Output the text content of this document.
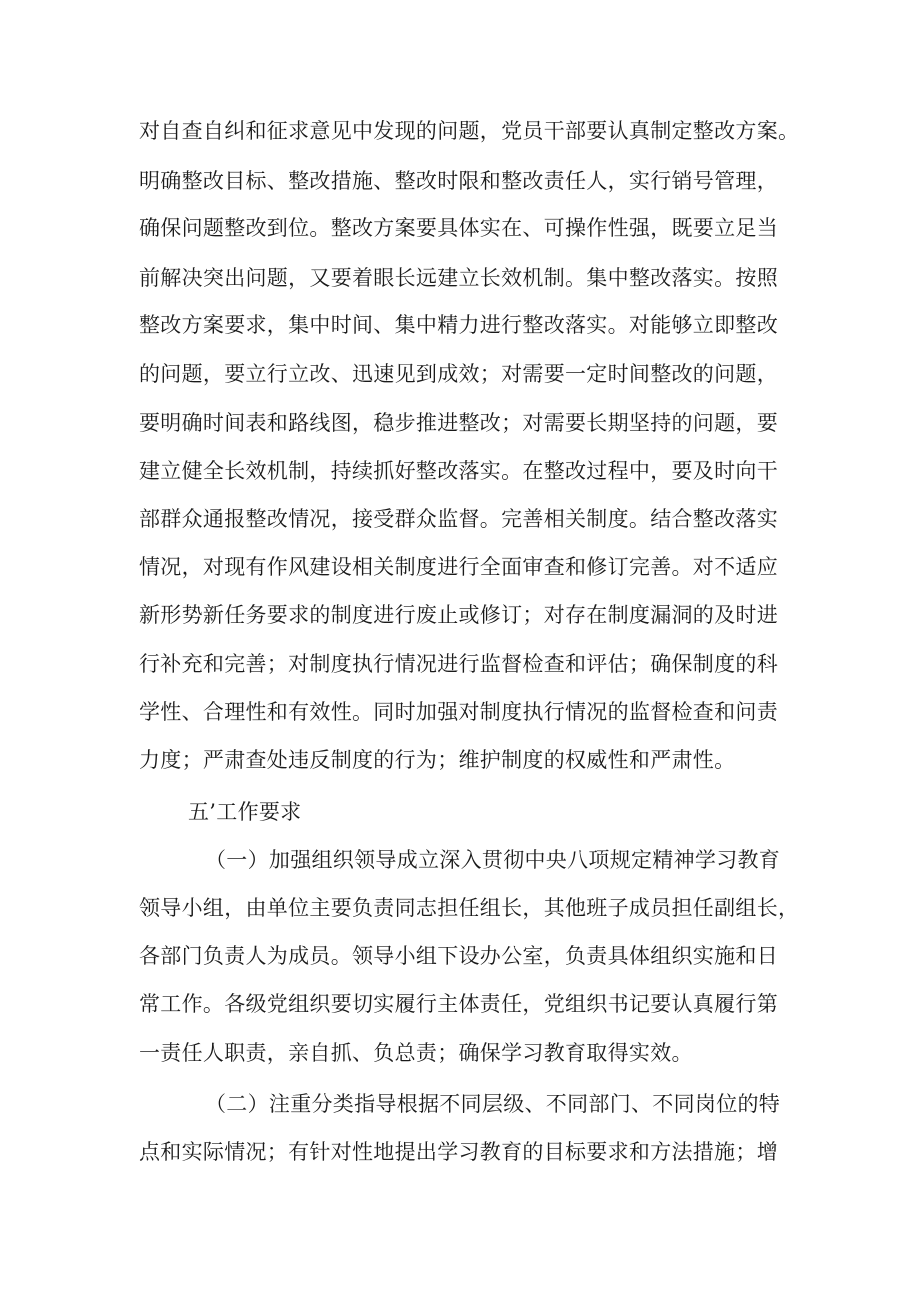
对自查自纠和征求意见中发现的问题，党员干部要认真制定整改方案。

明确整改目标、整改措施、整改时限和整改责任人，实行销号管理，

确保问题整改到位。整改方案要具体实在、可操作性强，既要立足当

前解决突出问题，又要着眼长远建立长效机制。集中整改落实。按照

整改方案要求，集中时间、集中精力进行整改落实。对能够立即整改

的问题，要立行立改、迅速见到成效；对需要一定时间整改的问题，

要明确时间表和路线图，稳步推进整改；对需要长期坚持的问题，要

建立健全长效机制，持续抓好整改落实。在整改过程中，要及时向干

部群众通报整改情况，接受群众监督。完善相关制度。结合整改落实

情况，对现有作风建设相关制度进行全面审查和修订完善。对不适应

新形势新任务要求的制度进行废止或修订；对存在制度漏洞的及时进

行补充和完善；对制度执行情况进行监督检查和评估；确保制度的科

学性、合理性和有效性。同时加强对制度执行情况的监督检查和问责

力度；严肃查处违反制度的行为；维护制度的权威性和严肃性。

五’工作要求

（一）加强组织领导成立深入贯彻中央八项规定精神学习教育

领导小组，由单位主要负责同志担任组长，其他班子成员担任副组长，

各部门负责人为成员。领导小组下设办公室，负责具体组织实施和日

常工作。各级党组织要切实履行主体责任，党组织书记要认真履行第

一责任人职责，亲自抓、负总责；确保学习教育取得实效。

（二）注重分类指导根据不同层级、不同部门、不同岗位的特

点和实际情况；有针对性地提出学习教育的目标要求和方法措施；增
